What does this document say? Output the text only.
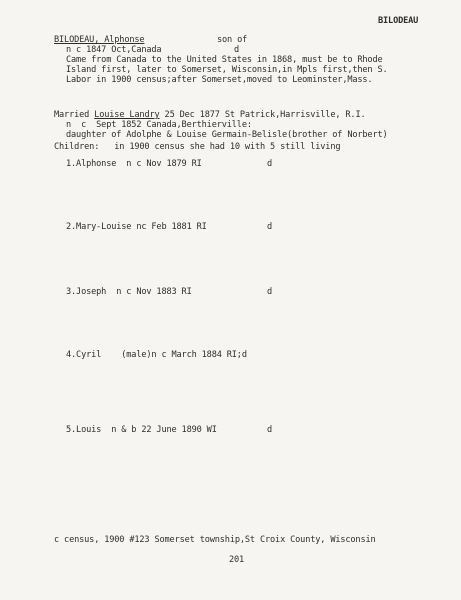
BILODEAU
BILODEAU, Alphonse	son of
n c 1847 Oct,Canada	d
Came from Canada to the United States in 1868, must be to Rhode
Island first, later to Somerset, Wisconsin,in Mpls first,then S.
Labor in 1900 census;after Somerset,moved to Leominster,Mass.
Married Louise Landry 25 Dec 1877 St Patrick,Harrisville, R.I.
n  c  Sept 1852 Canada,Berthierville:
daughter of Adolphe & Louise Germain-Belisle(brother of Norbert)
Children:   in 1900 census she had 10 with 5 still living
1.Alphonse  n c Nov 1879 RI	d
2.Mary-Louise nc Feb 1881 RI	d
3.Joseph  n c Nov 1883 RI	d
4.Cyril    (male)n c March 1884 RI;d
5.Louis  n & b 22 June 1890 WI	d
c census, 1900 #123 Somerset township,St Croix County, Wisconsin
201
